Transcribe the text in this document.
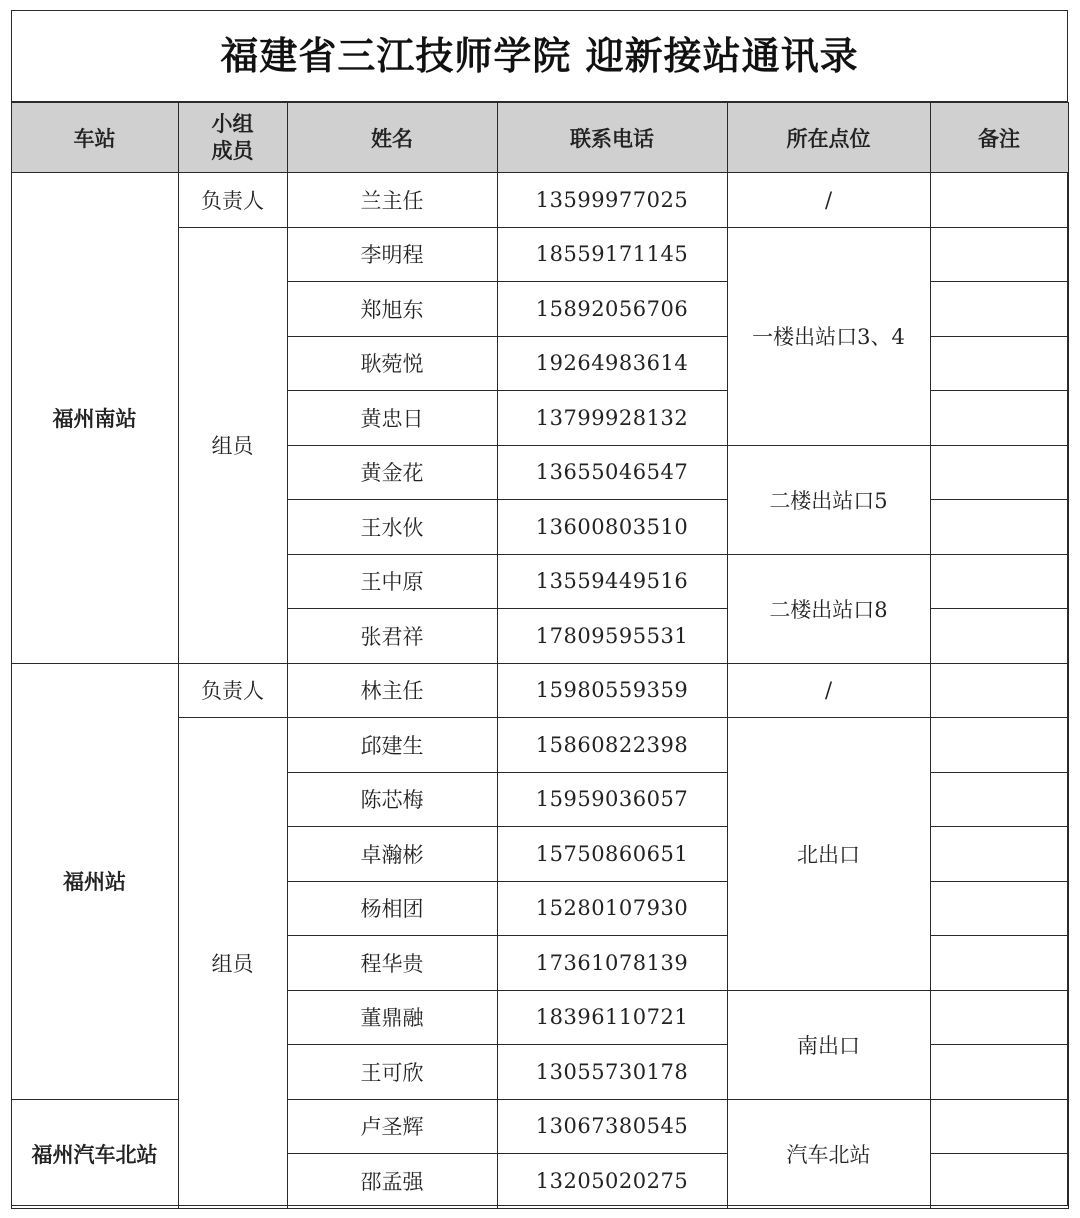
福建省三江技师学院 迎新接站通讯录
车站	小组成员	姓名	联系电话	所在点位	备注
福州南站	负责人	兰主任	13599977025	/	
	组员	李明程	18559171145	一楼出站口3、4	
		郑旭东	15892056706		
		耿菀悦	19264983614		
		黄忠日	13799928132		
		黄金花	13655046547	二楼出站口5	
		王水伙	13600803510		
		王中原	13559449516	二楼出站口8	
		张君祥	17809595531		
福州站	负责人	林主任	15980559359	/	
	组员	邱建生	15860822398	北出口	
		陈芯梅	15959036057		
		卓瀚彬	15750860651		
		杨相团	15280107930		
		程华贵	17361078139		
		董鼎融	18396110721	南出口	
		王可欣	13055730178		
福州汽车北站		卢圣辉	13067380545	汽车北站	
		邵孟强	13205020275		
